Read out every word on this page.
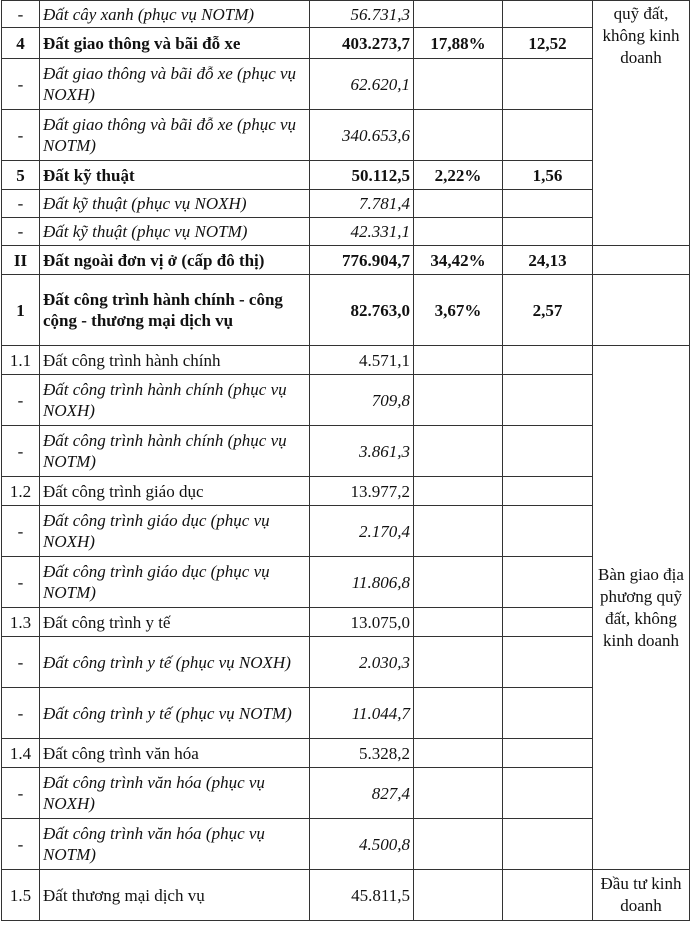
-	Đất cây xanh (phục vụ NOTM)	56.731,3			quỹ đất, không kinh doanh
4	Đất giao thông và bãi đỗ xe	403.273,7	17,88%	12,52	
-	Đất giao thông và bãi đỗ xe (phục vụ NOXH)	62.620,1			
-	Đất giao thông và bãi đỗ xe (phục vụ NOTM)	340.653,6			
5	Đất kỹ thuật	50.112,5	2,22%	1,56	
-	Đất kỹ thuật (phục vụ NOXH)	7.781,4			
-	Đất kỹ thuật (phục vụ NOTM)	42.331,1			
II	Đất ngoài đơn vị ở (cấp đô thị)	776.904,7	34,42%	24,13	
1	Đất công trình hành chính - công cộng - thương mại dịch vụ	82.763,0	3,67%	2,57	
1.1	Đất công trình hành chính	4.571,1			Bàn giao địa phương quỹ đất, không kinh doanh
-	Đất công trình hành chính (phục vụ NOXH)	709,8			
-	Đất công trình hành chính (phục vụ NOTM)	3.861,3			
1.2	Đất công trình giáo dục	13.977,2			
-	Đất công trình giáo dục (phục vụ NOXH)	2.170,4			
-	Đất công trình giáo dục (phục vụ NOTM)	11.806,8			
1.3	Đất công trình y tế	13.075,0			
-	Đất công trình y tế (phục vụ NOXH)	2.030,3			
-	Đất công trình y tế (phục vụ NOTM)	11.044,7			
1.4	Đất công trình văn hóa	5.328,2			
-	Đất công trình văn hóa (phục vụ NOXH)	827,4			
-	Đất công trình văn hóa (phục vụ NOTM)	4.500,8			
1.5	Đất thương mại dịch vụ	45.811,5			Đầu tư kinh doanh
